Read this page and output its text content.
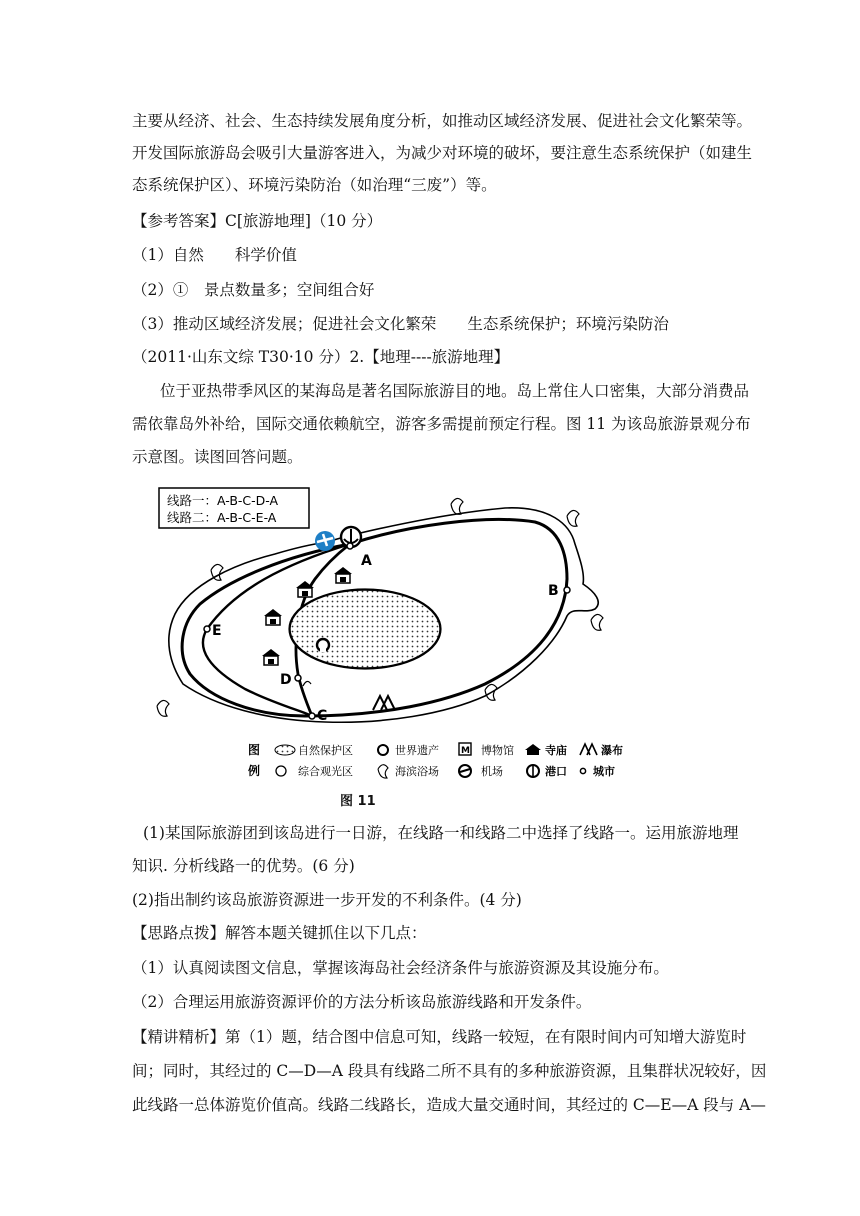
主要从经济、社会、生态持续发展角度分析，如推动区域经济发展、促进社会文化繁荣等。
开发国际旅游岛会吸引大量游客进入，为减少对环境的破坏，要注意生态系统保护（如建生
态系统保护区）、环境污染防治（如治理“三废”）等。
【参考答案】C[旅游地理]（10 分）
（1）自然　　科学价值
（2）①　景点数量多；空间组合好
（3）推动区域经济发展；促进社会文化繁荣　　生态系统保护；环境污染防治
（2011·山东文综 T30·10 分）2.【地理----旅游地理】
位于亚热带季风区的某海岛是著名国际旅游目的地。岛上常住人口密集，大部分消费品
需依靠岛外补给，国际交通依赖航空，游客多需提前预定行程。图 11 为该岛旅游景观分布
示意图。读图回答问题。
线路一：A-B-C-D-A
线路二：A-B-C-E-A
A
B
C
D
E
图
例
自然保护区	世界遗产 M 博物馆	寺庙	瀑布
综合观光区	海滨浴场	机场	港口 城市
图 11
(1)某国际旅游团到该岛进行一日游，在线路一和线路二中选择了线路一。运用旅游地理
知识. 分析线路一的优势。(6 分)
(2)指出制约该岛旅游资源进一步开发的不利条件。(4 分)
【思路点拨】解答本题关键抓住以下几点：
（1）认真阅读图文信息，掌握该海岛社会经济条件与旅游资源及其设施分布。
（2）合理运用旅游资源评价的方法分析该岛旅游线路和开发条件。
【精讲精析】第（1）题，结合图中信息可知，线路一较短，在有限时间内可知增大游览时
间；同时，其经过的 C—D—A 段具有线路二所不具有的多种旅游资源，且集群状况较好，因
此线路一总体游览价值高。线路二线路长，造成大量交通时间，其经过的 C—E—A 段与 A—
